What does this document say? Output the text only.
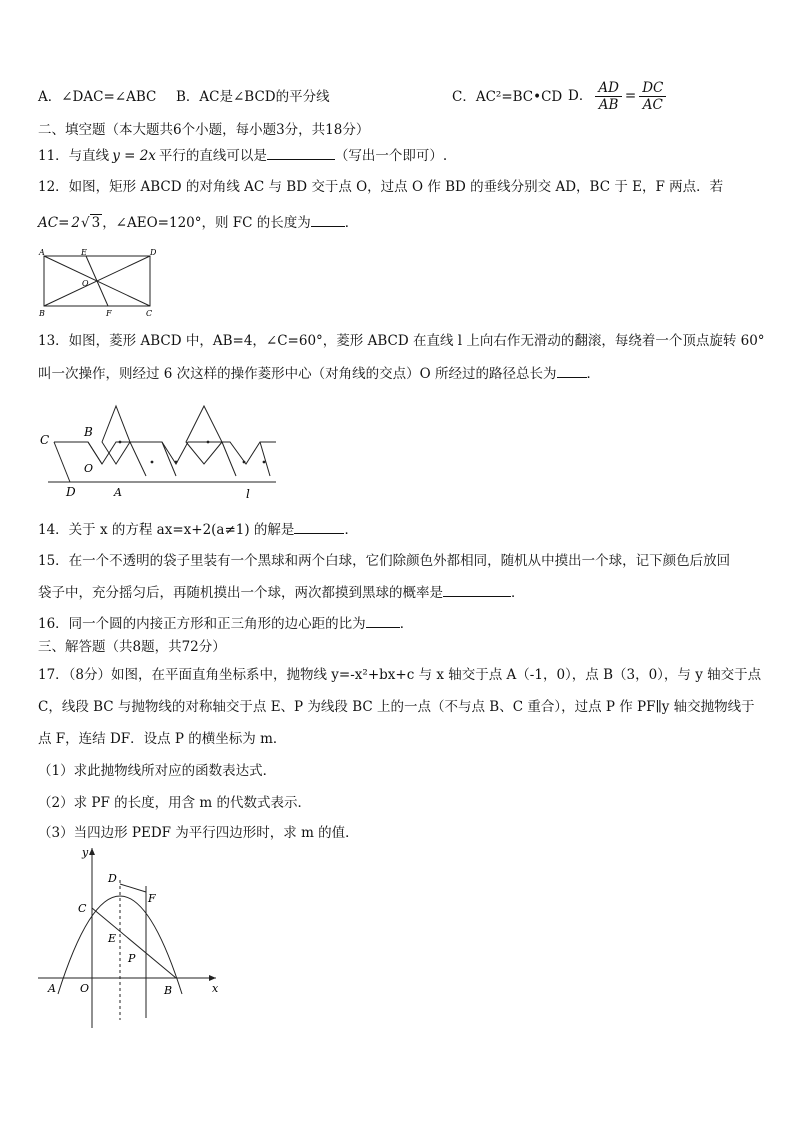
A．∠DAC=∠ABC B．AC是∠BCD的平分线	C．AC²=BC•CD D． $\frac{AD}{AB} = \frac{DC}{AC}$
二、填空题（本大题共6个小题，每小题3分，共18分）
11．与直线 y = 2x 平行的直线可以是	（写出一个即可）.
12．如图，矩形 ABCD 的对角线 AC 与 BD 交于点 O，过点 O 作 BD 的垂线分别交 AD，BC 于 E，F 两点．若
AC= 2√ 3 ，∠AEO=120°，则 FC 的长度为	．
A	E	D
O
B	F	C
13．如图，菱形 ABCD 中，AB=4，∠C=60°，菱形 ABCD 在直线 l 上向右作无滑动的翻滚，每绕着一个顶点旋转 60°
叫一次操作，则经过 6 次这样的操作菱形中心（对角线的交点）O 所经过的路径总长为 ．
C
B
O
D	A	l
14．关于 x 的方程 ax=x+2(a≠1) 的解是	．
15．在一个不透明的袋子里装有一个黑球和两个白球，它们除颜色外都相同，随机从中摸出一个球，记下颜色后放回
袋子中，充分摇匀后，再随机摸出一个球，两次都摸到黑球的概率是	．
16．同一个圆的内接正方形和正三角形的边心距的比为	．
三、解答题（共8题，共72分）
17．（8分）如图，在平面直角坐标系中，抛物线 y=-x²+bx+c 与 x 轴交于点 A（-1，0），点 B（3，0），与 y 轴交于点
C，线段 BC 与抛物线的对称轴交于点 E、P 为线段 BC 上的一点（不与点 B、C 重合），过点 P 作 PF∥y 轴交抛物线于
点 F，连结 DF．设点 P 的横坐标为 m．
（1）求此抛物线所对应的函数表达式．
（2）求 PF 的长度，用含 m 的代数式表示．
（3）当四边形 PEDF 为平行四边形时，求 m 的值．
y
x
D
F
C
E
P
A O	B
